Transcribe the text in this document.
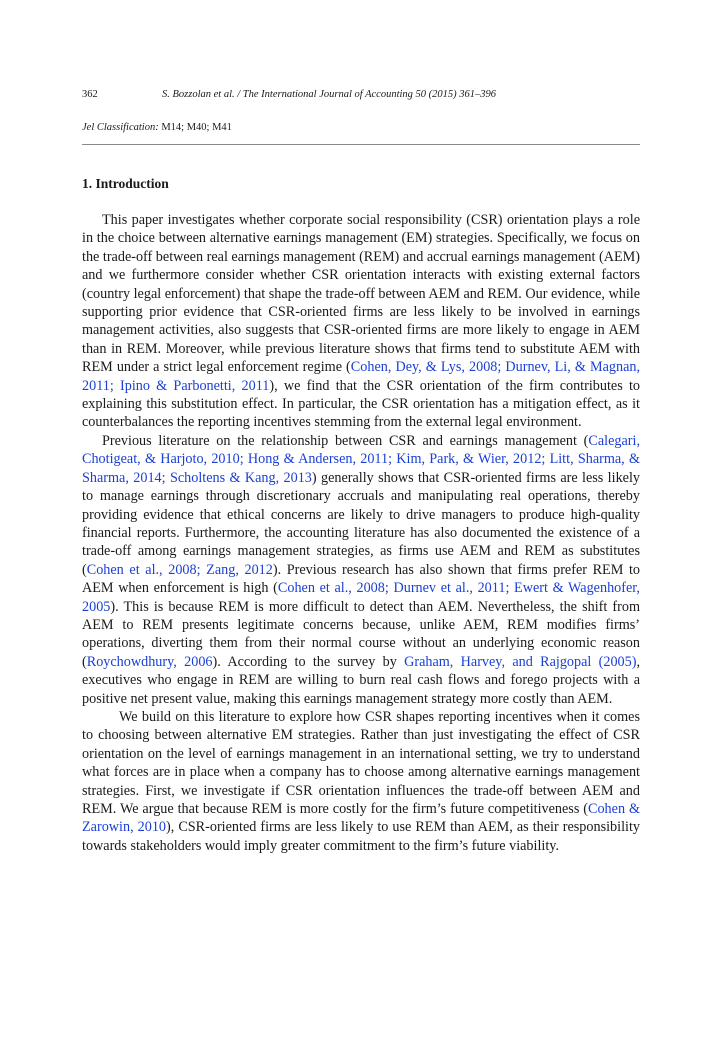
362	S. Bozzolan et al. / The International Journal of Accounting 50 (2015) 361–396
Jel Classification: M14; M40; M41
1. Introduction

This paper investigates whether corporate social responsibility (CSR) orientation plays a role in the choice between alternative earnings management (EM) strategies. Specifically, we focus on the trade-off between real earnings management (REM) and accrual earnings management (AEM) and we furthermore consider whether CSR orientation interacts with existing external factors (country legal enforcement) that shape the trade-off between AEM and REM. Our evidence, while supporting prior evidence that CSR-oriented firms are less likely to be involved in earnings management activities, also suggests that CSR-oriented firms are more likely to engage in AEM than in REM. Moreover, while previous literature shows that firms tend to substitute AEM with REM under a strict legal enforcement regime (Cohen, Dey, & Lys, 2008; Durnev, Li, & Magnan, 2011; Ipino & Parbonetti, 2011), we find that the CSR orientation of the firm contributes to explaining this substitution effect. In particular, the CSR orientation has a mitigation effect, as it counterbalances the reporting incentives stemming from the external legal environment.

Previous literature on the relationship between CSR and earnings management (Calegari, Chotigeat, & Harjoto, 2010; Hong & Andersen, 2011; Kim, Park, & Wier, 2012; Litt, Sharma, & Sharma, 2014; Scholtens & Kang, 2013) generally shows that CSR-oriented firms are less likely to manage earnings through discretionary accruals and manipulating real operations, thereby providing evidence that ethical concerns are likely to drive managers to produce high-quality financial reports. Furthermore, the accounting literature has also documented the existence of a trade-off among earnings management strategies, as firms use AEM and REM as substitutes (Cohen et al., 2008; Zang, 2012). Previous research has also shown that firms prefer REM to AEM when enforcement is high (Cohen et al., 2008; Durnev et al., 2011; Ewert & Wagenhofer, 2005). This is because REM is more difficult to detect than AEM. Nevertheless, the shift from AEM to REM presents legitimate concerns because, unlike AEM, REM modifies firms’ operations, diverting them from their normal course without an underlying economic reason (Roychowdhury, 2006). According to the survey by Graham, Harvey, and Rajgopal (2005), executives who engage in REM are willing to burn real cash flows and forego projects with a positive net present value, making this earnings management strategy more costly than AEM.

We build on this literature to explore how CSR shapes reporting incentives when it comes to choosing between alternative EM strategies. Rather than just investigating the effect of CSR orientation on the level of earnings management in an international setting, we try to understand what forces are in place when a company has to choose among alternative earnings management strategies. First, we investigate if CSR orientation influences the trade-off between AEM and REM. We argue that because REM is more costly for the firm’s future competitiveness (Cohen & Zarowin, 2010), CSR-oriented firms are less likely to use REM than AEM, as their responsibility towards stakeholders would imply greater commitment to the firm’s future viability.
